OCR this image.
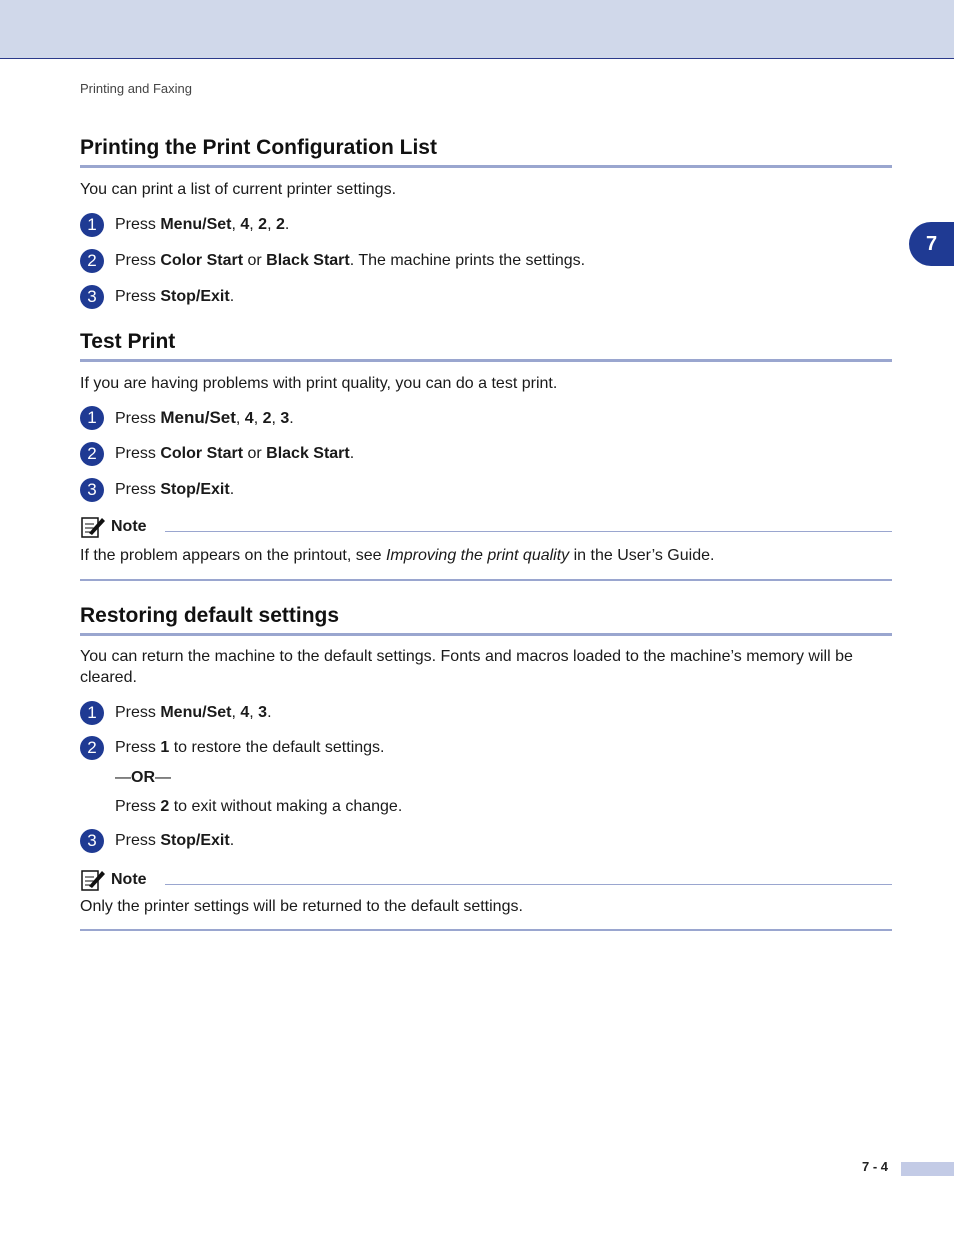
Printing and Faxing
7
Printing the Print Configuration List
You can print a list of current printer settings.
1	Press Menu/Set, 4, 2, 2.
2	Press Color Start or Black Start. The machine prints the settings.
3	Press Stop/Exit.
Test Print
If you are having problems with print quality, you can do a test print.
1	Press Menu/Set, 4, 2, 3.
2	Press Color Start or Black Start.
3	Press Stop/Exit.
Note
If the problem appears on the printout, see Improving the print quality in the User’s Guide.
Restoring default settings
You can return the machine to the default settings. Fonts and macros loaded to the machine’s memory will be cleared.
1	Press Menu/Set, 4, 3.
2	Press 1 to restore the default settings.
—OR—
Press 2 to exit without making a change.
3	Press Stop/Exit.
Note
Only the printer settings will be returned to the default settings.
7 - 4
